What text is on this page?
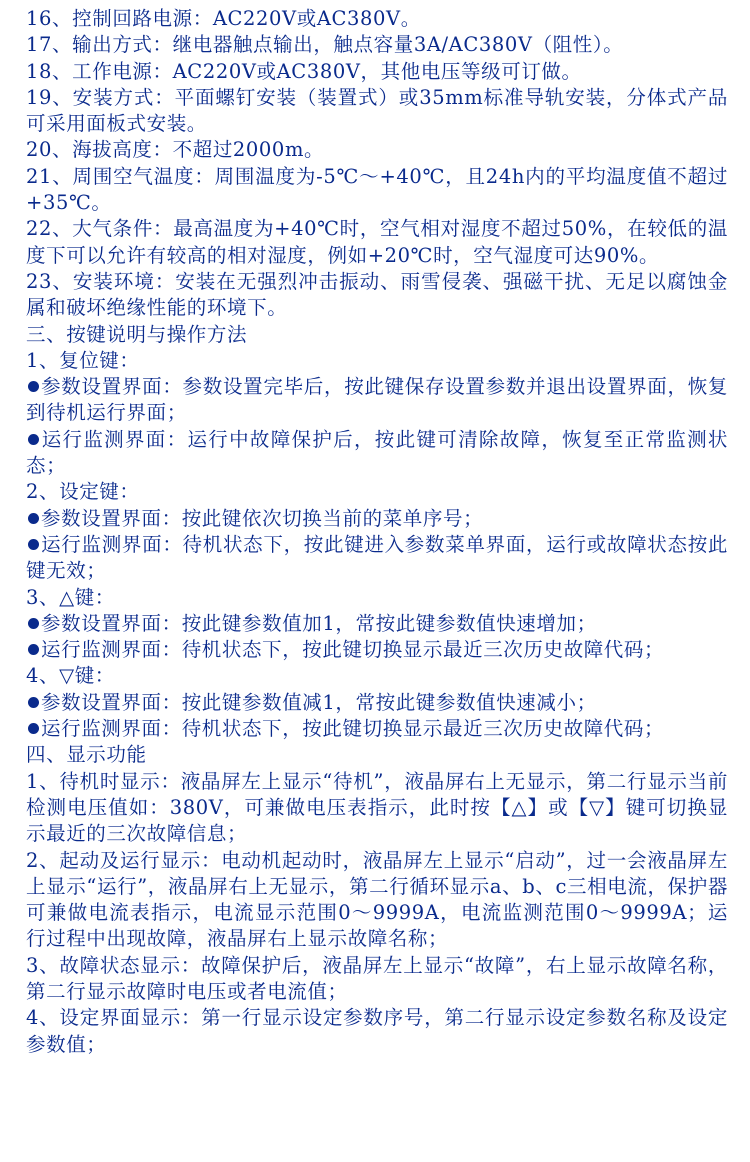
16、控制回路电源：AC220V或AC380V。

17、输出方式：继电器触点输出，触点容量3A/AC380V（阻性）。

18、工作电源：AC220V或AC380V，其他电压等级可订做。

19、安装方式：平面螺钉安装（装置式）或35mm标准导轨安装，分体式产品可采用面板式安装。

20、海拔高度：不超过2000m。

21、周围空气温度：周围温度为-5℃～+40℃，且24h内的平均温度值不超过+35℃。

22、大气条件：最高温度为+40℃时，空气相对湿度不超过50%，在较低的温度下可以允许有较高的相对湿度，例如+20℃时，空气湿度可达90%。

23、安装环境：安装在无强烈冲击振动、雨雪侵袭、强磁干扰、无足以腐蚀金属和破坏绝缘性能的环境下。

三、按键说明与操作方法

1、复位键：

参数设置界面：参数设置完毕后，按此键保存设置参数并退出设置界面，恢复到待机运行界面；

运行监测界面：运行中故障保护后，按此键可清除故障，恢复至正常监测状态；

2、设定键：

参数设置界面：按此键依次切换当前的菜单序号；

运行监测界面：待机状态下，按此键进入参数菜单界面，运行或故障状态按此键无效；

3、△键：

参数设置界面：按此键参数值加1，常按此键参数值快速增加；

运行监测界面：待机状态下，按此键切换显示最近三次历史故障代码；

4、▽键：

参数设置界面：按此键参数值减1，常按此键参数值快速减小；

运行监测界面：待机状态下，按此键切换显示最近三次历史故障代码；

四、显示功能

1、待机时显示：液晶屏左上显示“待机”，液晶屏右上无显示，第二行显示当前检测电压值如：380V，可兼做电压表指示，此时按【△】或【▽】键可切换显示最近的三次故障信息；

2、起动及运行显示：电动机起动时，液晶屏左上显示“启动”，过一会液晶屏左上显示“运行”，液晶屏右上无显示，第二行循环显示a、b、c三相电流，保护器可兼做电流表指示，电流显示范围0～9999A，电流监测范围0～9999A；运行过程中出现故障，液晶屏右上显示故障名称；

3、故障状态显示：故障保护后，液晶屏左上显示“故障”，右上显示故障名称，第二行显示故障时电压或者电流值；

4、设定界面显示：第一行显示设定参数序号，第二行显示设定参数名称及设定参数值；
